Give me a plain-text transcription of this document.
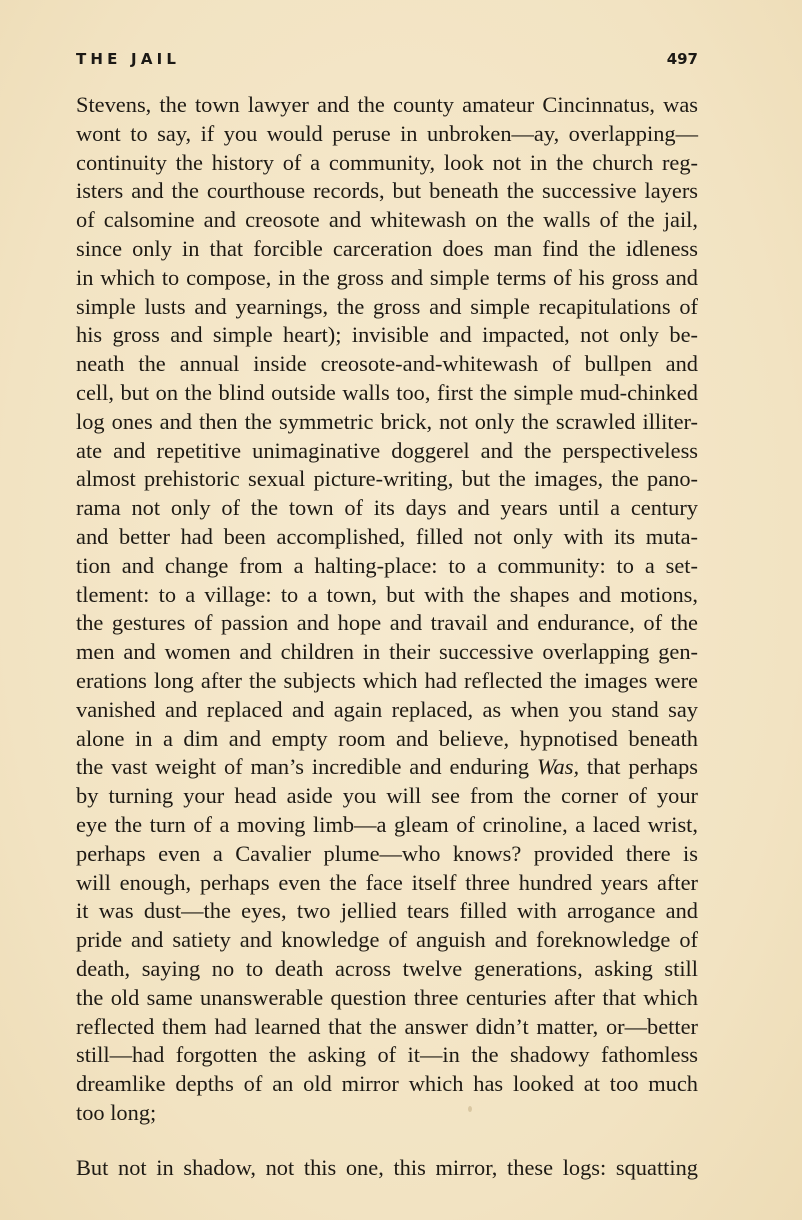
THE JAIL	497
Stevens, the town lawyer and the county amateur Cincinnatus, was
wont to say, if you would peruse in unbroken—ay, overlapping—
continuity the history of a community, look not in the church reg-
isters and the courthouse records, but beneath the successive layers
of calsomine and creosote and whitewash on the walls of the jail,
since only in that forcible carceration does man find the idleness
in which to compose, in the gross and simple terms of his gross and
simple lusts and yearnings, the gross and simple recapitulations of
his gross and simple heart); invisible and impacted, not only be-
neath the annual inside creosote-and-whitewash of bullpen and
cell, but on the blind outside walls too, first the simple mud-chinked
log ones and then the symmetric brick, not only the scrawled illiter-
ate and repetitive unimaginative doggerel and the perspectiveless
almost prehistoric sexual picture-writing, but the images, the pano-
rama not only of the town of its days and years until a century
and better had been accomplished, filled not only with its muta-
tion and change from a halting-place: to a community: to a set-
tlement: to a village: to a town, but with the shapes and motions,
the gestures of passion and hope and travail and endurance, of the
men and women and children in their successive overlapping gen-
erations long after the subjects which had reflected the images were
vanished and replaced and again replaced, as when you stand say
alone in a dim and empty room and believe, hypnotised beneath
the vast weight of man’s incredible and enduring Was, that perhaps
by turning your head aside you will see from the corner of your
eye the turn of a moving limb—a gleam of crinoline, a laced wrist,
perhaps even a Cavalier plume—who knows? provided there is
will enough, perhaps even the face itself three hundred years after
it was dust—the eyes, two jellied tears filled with arrogance and
pride and satiety and knowledge of anguish and foreknowledge of
death, saying no to death across twelve generations, asking still
the old same unanswerable question three centuries after that which
reflected them had learned that the answer didn’t matter, or—better
still—had forgotten the asking of it—in the shadowy fathomless
dreamlike depths of an old mirror which has looked at too much
too long;
But not in shadow, not this one, this mirror, these logs: squatting
